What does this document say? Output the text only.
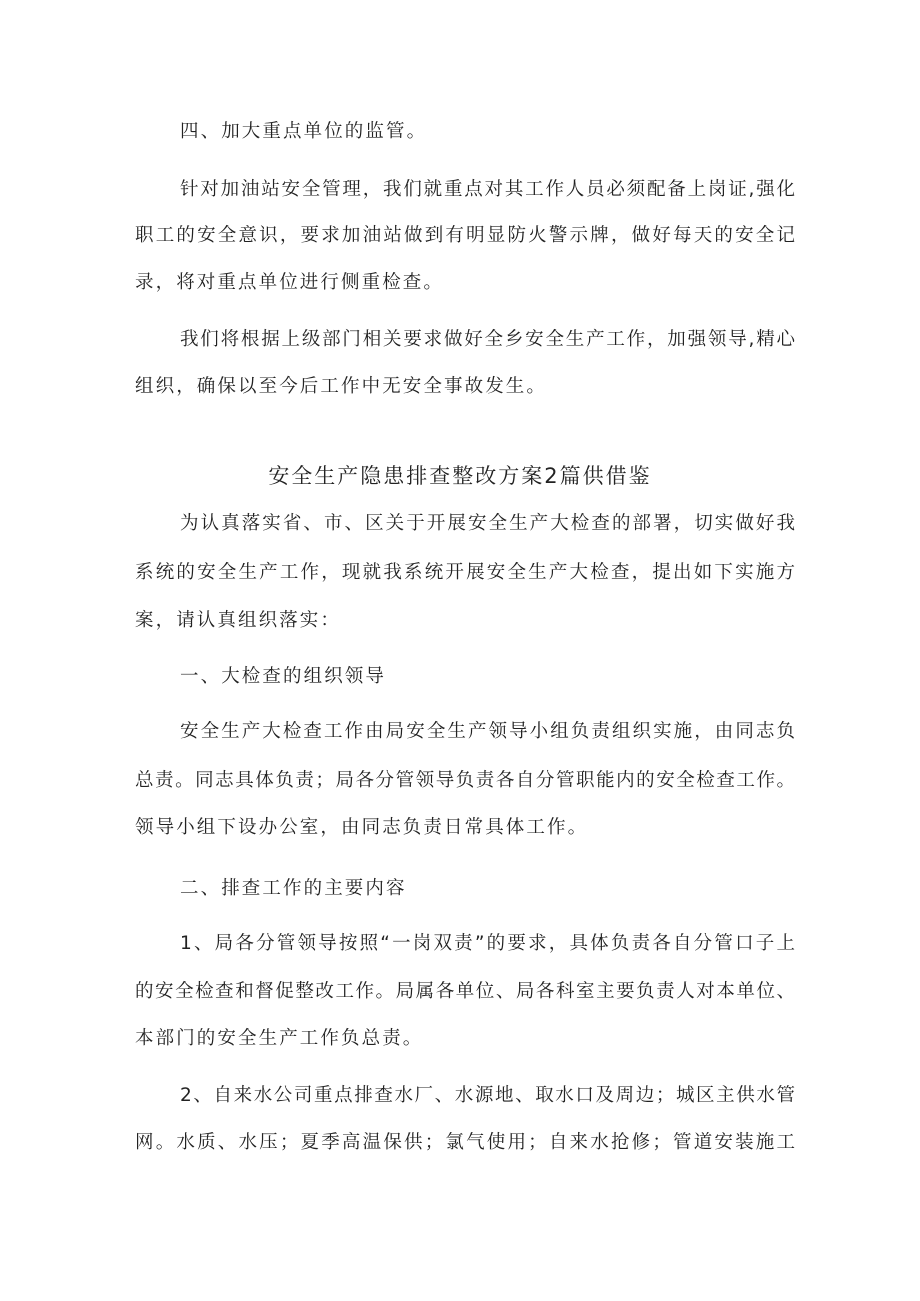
四、加大重点单位的监管。
针对加油站安全管理，我们就重点对其工作人员必须配备上岗证,强化
职工的安全意识，要求加油站做到有明显防火警示牌，做好每天的安全记
录，将对重点单位进行侧重检查。
我们将根据上级部门相关要求做好全乡安全生产工作，加强领导,精心
组织，确保以至今后工作中无安全事故发生。
安全生产隐患排查整改方案2篇供借鉴
为认真落实省、市、区关于开展安全生产大检查的部署，切实做好我
系统的安全生产工作，现就我系统开展安全生产大检查，提出如下实施方
案，请认真组织落实：
一、大检查的组织领导
安全生产大检查工作由局安全生产领导小组负责组织实施，由同志负
总责。同志具体负责；局各分管领导负责各自分管职能内的安全检查工作。
领导小组下设办公室，由同志负责日常具体工作。
二、排查工作的主要内容
1、局各分管领导按照“一岗双责”的要求，具体负责各自分管口子上
的安全检查和督促整改工作。局属各单位、局各科室主要负责人对本单位、
本部门的安全生产工作负总责。
2、自来水公司重点排查水厂、水源地、取水口及周边；城区主供水管
网。水质、水压；夏季高温保供；氯气使用；自来水抢修；管道安装施工
